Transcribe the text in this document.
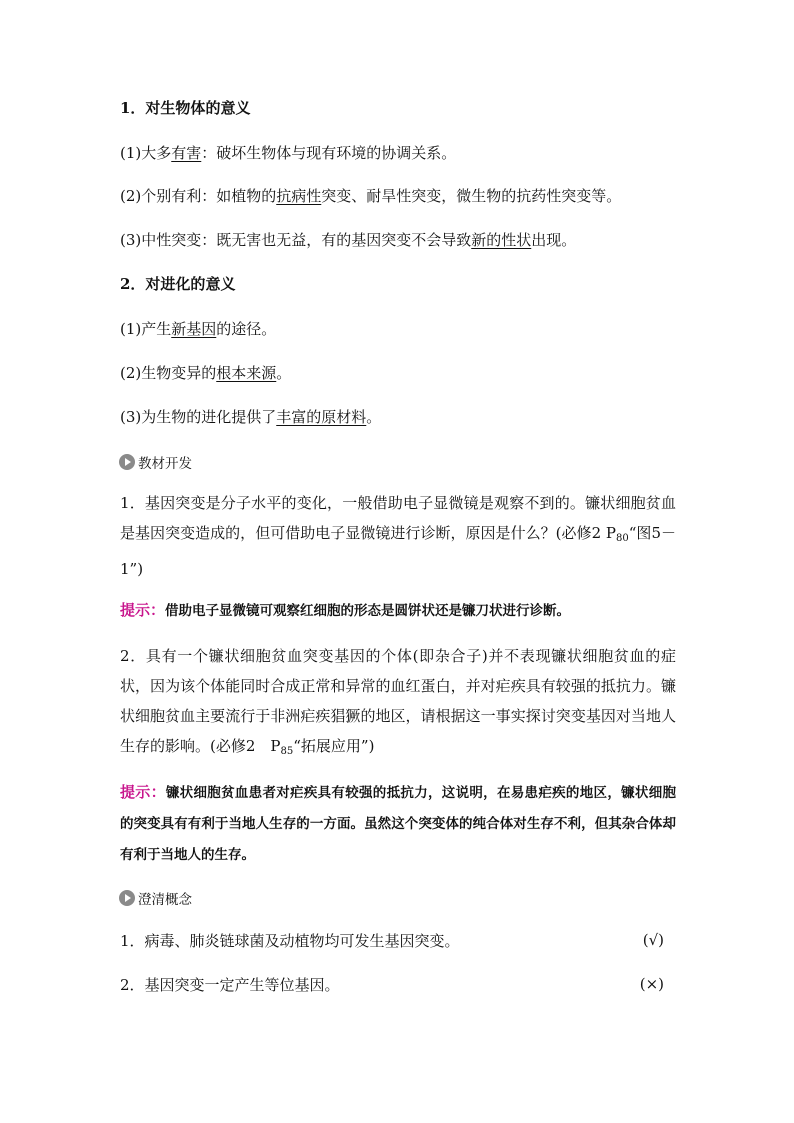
1．对生物体的意义
(1)大多有害：破坏生物体与现有环境的协调关系。
(2)个别有利：如植物的抗病性突变、耐旱性突变，微生物的抗药性突变等。
(3)中性突变：既无害也无益，有的基因突变不会导致新的性状出现。
2．对进化的意义
(1)产生新基因的途径。
(2)生物变异的根本来源。
(3)为生物的进化提供了丰富的原材料。
教材开发
1．基因突变是分子水平的变化，一般借助电子显微镜是观察不到的。镰状细胞贫血是基因突变造成的，但可借助电子显微镜进行诊断，原因是什么？(必修2 $P_{80}“$图5－1”)
提示：借助电子显微镜可观察红细胞的形态是圆饼状还是镰刀状进行诊断。
2．具有一个镰状细胞贫血突变基因的个体(即杂合子)并不表现镰状细胞贫血的症状，因为该个体能同时合成正常和异常的血红蛋白，并对疟疾具有较强的抵抗力。镰状细胞贫血主要流行于非洲疟疾猖獗的地区，请根据这一事实探讨突变基因对当地人生存的影响。(必修2　$P_{85}“$拓展应用”)
提示：镰状细胞贫血患者对疟疾具有较强的抵抗力，这说明，在易患疟疾的地区，镰状细胞的突变具有有利于当地人生存的一方面。虽然这个突变体的纯合体对生存不利，但其杂合体却有利于当地人的生存。
澄清概念
1．病毒、肺炎链球菌及动植物均可发生基因突变。	(√)
2．基因突变一定产生等位基因。	(×)
